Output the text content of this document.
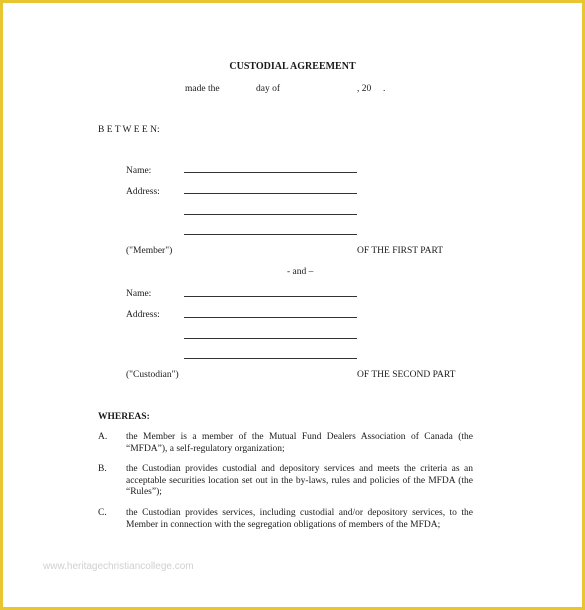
CUSTODIAL AGREEMENT
made the	day of	, 20 .
B E T W E E N:
Name:
Address:
("Member")	OF THE FIRST PART
- and –
Name:
Address:
("Custodian")	OF THE SECOND PART
WHEREAS:
A. the Member is a member of the Mutual Fund Dealers Association of Canada (the “MFDA”), a self-regulatory organization;
B. the Custodian provides custodial and depository services and meets the criteria as an acceptable securities location set out in the by-laws, rules and policies of the MFDA (the “Rules”);
C. the Custodian provides services, including custodial and/or depository services, to the Member in connection with the segregation obligations of members of the MFDA;
www.heritagechristiancollege.com
